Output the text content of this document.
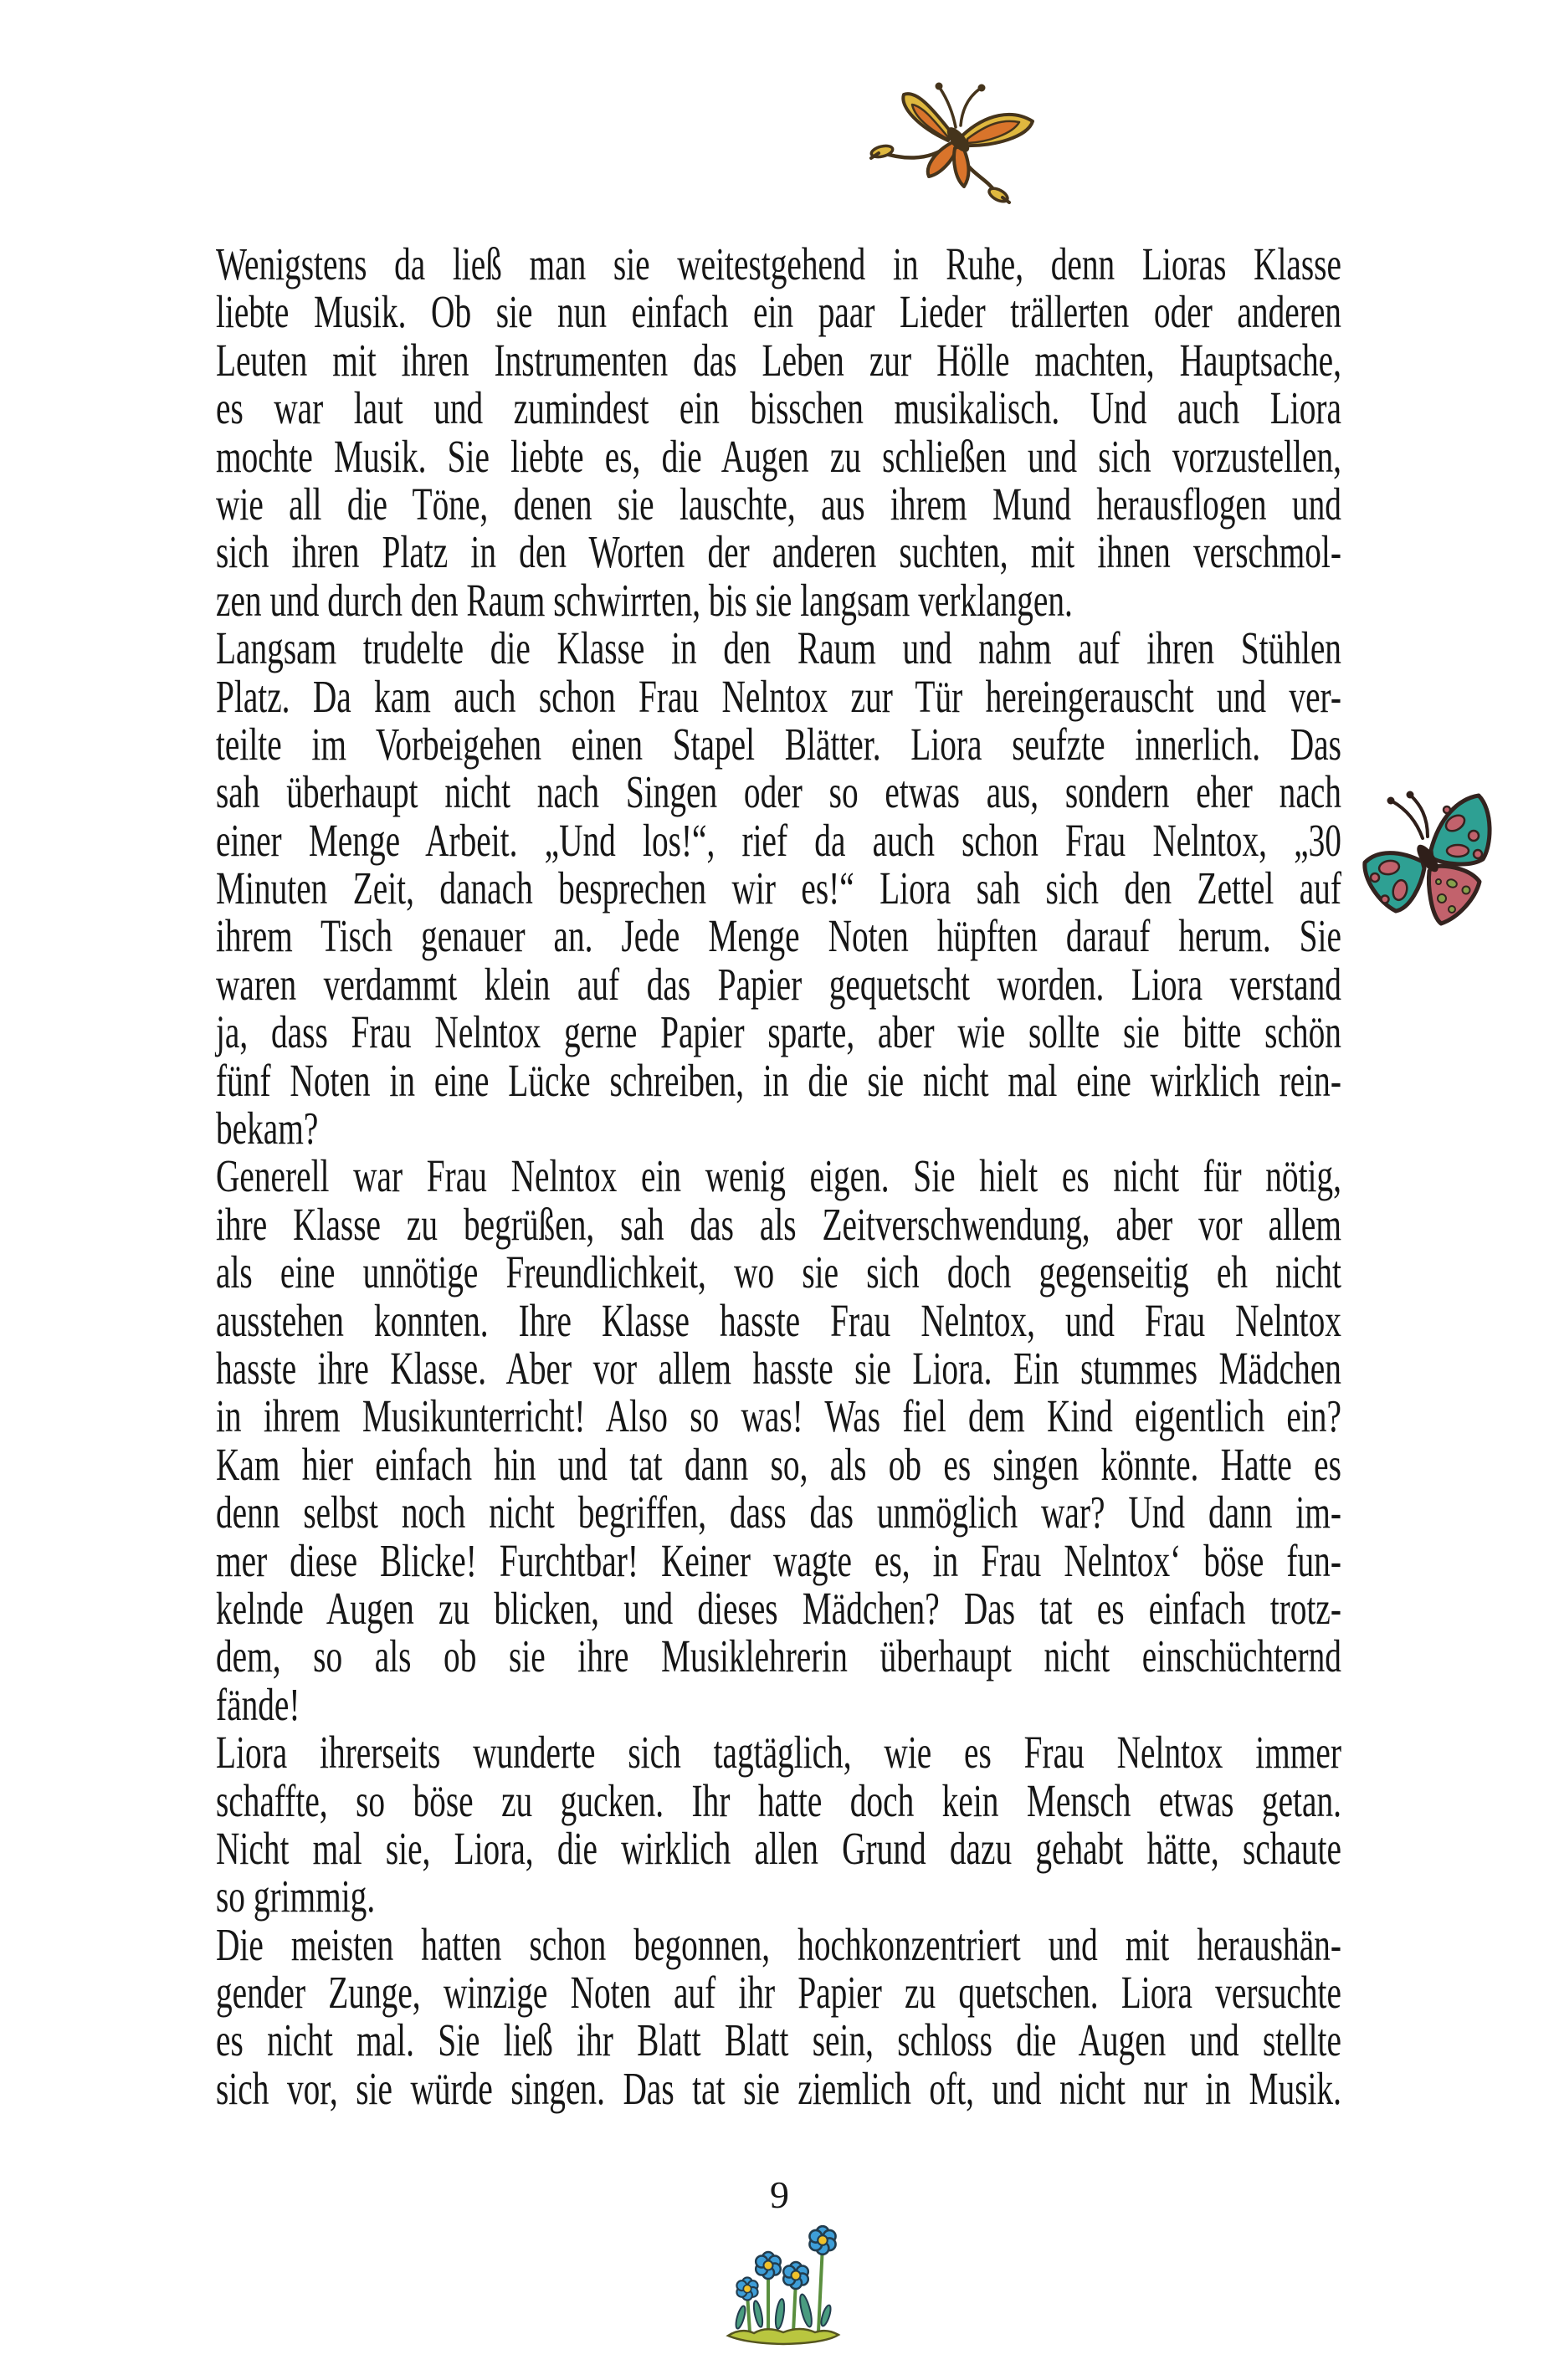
Wenigstens da ließ man sie weitestgehend in Ruhe, denn Lioras Klasse
liebte Musik. Ob sie nun einfach ein paar Lieder trällerten oder anderen
Leuten mit ihren Instrumenten das Leben zur Hölle machten, Hauptsache,
es war laut und zumindest ein bisschen musikalisch. Und auch Liora
mochte Musik. Sie liebte es, die Augen zu schließen und sich vorzustellen,
wie all die Töne, denen sie lauschte, aus ihrem Mund herausflogen und
sich ihren Platz in den Worten der anderen suchten, mit ihnen verschmol-
zen und durch den Raum schwirrten, bis sie langsam verklangen.
Langsam trudelte die Klasse in den Raum und nahm auf ihren Stühlen
Platz. Da kam auch schon Frau Nelntox zur Tür hereingerauscht und ver-
teilte im Vorbeigehen einen Stapel Blätter. Liora seufzte innerlich. Das
sah überhaupt nicht nach Singen oder so etwas aus, sondern eher nach
einer Menge Arbeit. „Und los!“, rief da auch schon Frau Nelntox, „30
Minuten Zeit, danach besprechen wir es!“ Liora sah sich den Zettel auf
ihrem Tisch genauer an. Jede Menge Noten hüpften darauf herum. Sie
waren verdammt klein auf das Papier gequetscht worden. Liora verstand
ja, dass Frau Nelntox gerne Papier sparte, aber wie sollte sie bitte schön
fünf Noten in eine Lücke schreiben, in die sie nicht mal eine wirklich rein-
bekam?
Generell war Frau Nelntox ein wenig eigen. Sie hielt es nicht für nötig,
ihre Klasse zu begrüßen, sah das als Zeitverschwendung, aber vor allem
als eine unnötige Freundlichkeit, wo sie sich doch gegenseitig eh nicht
ausstehen konnten. Ihre Klasse hasste Frau Nelntox, und Frau Nelntox
hasste ihre Klasse. Aber vor allem hasste sie Liora. Ein stummes Mädchen
in ihrem Musikunterricht! Also so was! Was fiel dem Kind eigentlich ein?
Kam hier einfach hin und tat dann so, als ob es singen könnte. Hatte es
denn selbst noch nicht begriffen, dass das unmöglich war? Und dann im-
mer diese Blicke! Furchtbar! Keiner wagte es, in Frau Nelntox‘ böse fun-
kelnde Augen zu blicken, und dieses Mädchen? Das tat es einfach trotz-
dem, so als ob sie ihre Musiklehrerin überhaupt nicht einschüchternd
fände!
Liora ihrerseits wunderte sich tagtäglich, wie es Frau Nelntox immer
schaffte, so böse zu gucken. Ihr hatte doch kein Mensch etwas getan.
Nicht mal sie, Liora, die wirklich allen Grund dazu gehabt hätte, schaute
so grimmig.
Die meisten hatten schon begonnen, hochkonzentriert und mit heraushän-
gender Zunge, winzige Noten auf ihr Papier zu quetschen. Liora versuchte
es nicht mal. Sie ließ ihr Blatt Blatt sein, schloss die Augen und stellte
sich vor, sie würde singen. Das tat sie ziemlich oft, und nicht nur in Musik.
9
